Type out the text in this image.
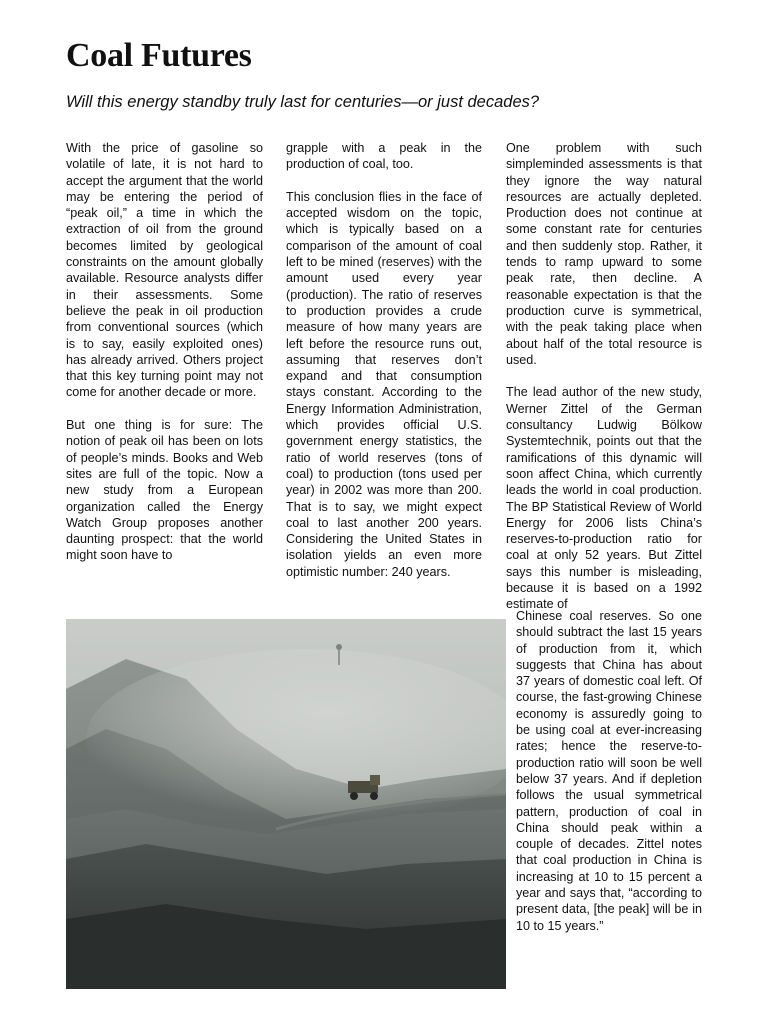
Coal Futures

Will this energy standby truly last for centuries—or just decades?

With the price of gasoline so volatile of late, it is not hard to accept the argument that the world may be entering the period of “peak oil,” a time in which the extraction of oil from the ground becomes limited by geological constraints on the amount globally available. Resource analysts differ in their assessments. Some believe the peak in oil production from conventional sources (which is to say, easily exploited ones) has already arrived. Others project that this key turning point may not come for another decade or more.

But one thing is for sure: The notion of peak oil has been on lots of people’s minds. Books and Web sites are full of the topic. Now a new study from a European organization called the Energy Watch Group proposes another daunting prospect: that the world might soon have to

grapple with a peak in the production of coal, too.

This conclusion flies in the face of accepted wisdom on the topic, which is typically based on a comparison of the amount of coal left to be mined (reserves) with the amount used every year (production). The ratio of reserves to production provides a crude measure of how many years are left before the resource runs out, assuming that reserves don’t expand and that consumption stays constant. According to the Energy Information Administration, which provides official U.S. government energy statistics, the ratio of world reserves (tons of coal) to production (tons used per year) in 2002 was more than 200. That is to say, we might expect coal to last another 200 years. Considering the United States in isolation yields an even more optimistic number: 240 years.

One problem with such simpleminded assessments is that they ignore the way natural resources are actually depleted. Production does not continue at some constant rate for centuries and then suddenly stop. Rather, it tends to ramp upward to some peak rate, then decline. A reasonable expectation is that the production curve is symmetrical, with the peak taking place when about half of the total resource is used.

The lead author of the new study, Werner Zittel of the German consultancy Ludwig Bölkow Systemtechnik, points out that the ramifications of this dynamic will soon affect China, which currently leads the world in coal production. The BP Statistical Review of World Energy for 2006 lists China’s reserves-to-production ratio for coal at only 52 years. But Zittel says this number is misleading, because it is based on a 1992 estimate of

Chinese coal reserves. So one should subtract the last 15 years of production from it, which suggests that China has about 37 years of domestic coal left. Of course, the fast-growing Chinese economy is assuredly going to be using coal at ever-increasing rates; hence the reserve-to-production ratio will soon be well below 37 years. And if depletion follows the usual symmetrical pattern, production of coal in China should peak within a couple of decades. Zittel notes that coal production in China is increasing at 10 to 15 percent a year and says that, “according to present data, [the peak] will be in 10 to 15 years.”
